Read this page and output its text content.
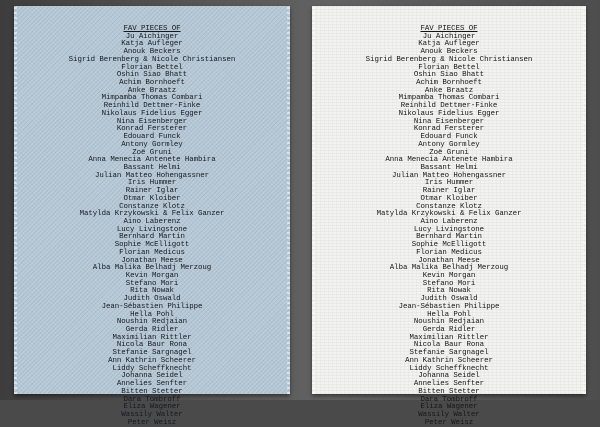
FAV PIECES OF
Ju Aichinger
Katja Aufleger
Anouk Beckers
Sigrid Berenberg & Nicole Christiansen
Florian Bettel
Oshin Siao Bhatt
Achim Bornhoeft
Anke Braatz
Mimpamba Thomas Combari
Reinhild Dettmer-Finke
Nikolaus Fidelius Egger
Nina Eisenberger
Konrad Fersterer
Edouard Funck
Antony Gormley
Zoë Gruni
Anna Menecia Antenete Hambira
Bassant Helmi
Julian Matteo Hohengassner
Iris Hummer
Rainer Iglar
Otmar Kloiber
Constanze Klotz
Matylda Krzykowski & Felix Ganzer
Aino Laberenz
Lucy Livingstone
Bernhard Martin
Sophie McElligott
Florian Medicus
Jonathan Meese
Alba Malika Belhadj Merzoug
Kevin Morgan
Stefano Mori
Rita Nowak
Judith Oswald
Jean-Sébastien Philippe
Hella Pohl
Noushin Redjaian
Gerda Ridler
Maximilian Rittler
Nicola Baur Rona
Stefanie Sargnagel
Ann Kathrin Scheerer
Liddy Scheffknecht
Johanna Seidel
Annelies Senfter
Bitten Stetter
Dara Tombroff
Eliza Wagener
Wassily Walter
Peter Weisz
FAV PIECES OF
Ju Aichinger
Katja Aufleger
Anouk Beckers
Sigrid Berenberg & Nicole Christiansen
Florian Bettel
Oshin Siao Bhatt
Achim Bornhoeft
Anke Braatz
Mimpamba Thomas Combari
Reinhild Dettmer-Finke
Nikolaus Fidelius Egger
Nina Eisenberger
Konrad Fersterer
Edouard Funck
Antony Gormley
Zoë Gruni
Anna Menecia Antenete Hambira
Bassant Helmi
Julian Matteo Hohengassner
Iris Hummer
Rainer Iglar
Otmar Kloiber
Constanze Klotz
Matylda Krzykowski & Felix Ganzer
Aino Laberenz
Lucy Livingstone
Bernhard Martin
Sophie McElligott
Florian Medicus
Jonathan Meese
Alba Malika Belhadj Merzoug
Kevin Morgan
Stefano Mori
Rita Nowak
Judith Oswald
Jean-Sébastien Philippe
Hella Pohl
Noushin Redjaian
Gerda Ridler
Maximilian Rittler
Nicola Baur Rona
Stefanie Sargnagel
Ann Kathrin Scheerer
Liddy Scheffknecht
Johanna Seidel
Annelies Senfter
Bitten Stetter
Dara Tombroff
Eliza Wagener
Wassily Walter
Peter Weisz
